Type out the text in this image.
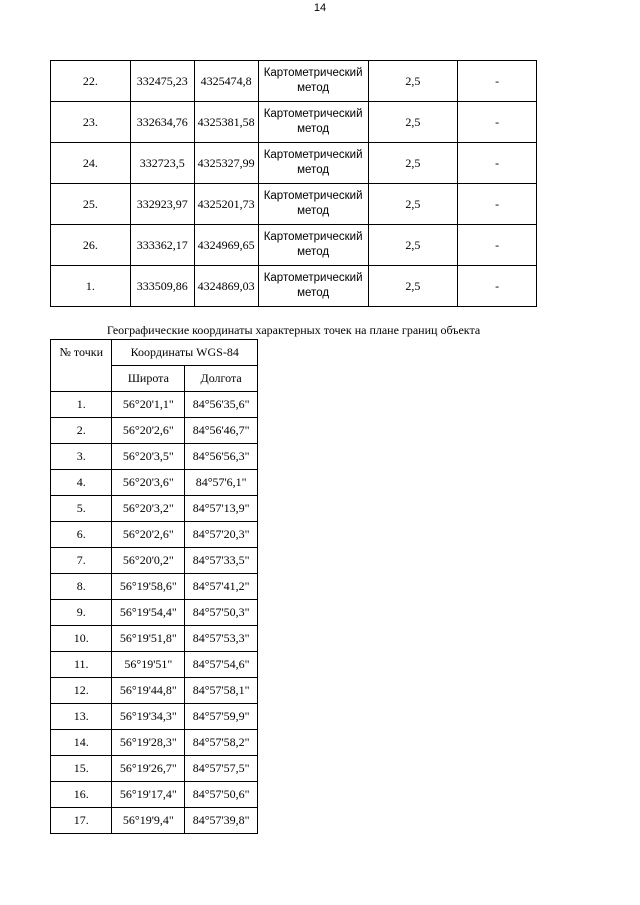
14
22.	332475,23	4325474,8	Картометрический метод	2,5	-
23.	332634,76	4325381,58	Картометрический метод	2,5	-
24.	332723,5	4325327,99	Картометрический метод	2,5	-
25.	332923,97	4325201,73	Картометрический метод	2,5	-
26.	333362,17	4324969,65	Картометрический метод	2,5	-
1.	333509,86	4324869,03	Картометрический метод	2,5	-
Географические координаты характерных точек на плане границ объекта
№ точки	Координаты WGS-84	
	Широта	Долгота
1.	56°20'1,1"	84°56'35,6"
2.	56°20'2,6"	84°56'46,7"
3.	56°20'3,5"	84°56'56,3"
4.	56°20'3,6"	84°57'6,1"
5.	56°20'3,2"	84°57'13,9"
6.	56°20'2,6"	84°57'20,3"
7.	56°20'0,2"	84°57'33,5"
8.	56°19'58,6"	84°57'41,2"
9.	56°19'54,4"	84°57'50,3"
10.	56°19'51,8"	84°57'53,3"
11.	56°19'51"	84°57'54,6"
12.	56°19'44,8"	84°57'58,1"
13.	56°19'34,3"	84°57'59,9"
14.	56°19'28,3"	84°57'58,2"
15.	56°19'26,7"	84°57'57,5"
16.	56°19'17,4"	84°57'50,6"
17.	56°19'9,4"	84°57'39,8"
